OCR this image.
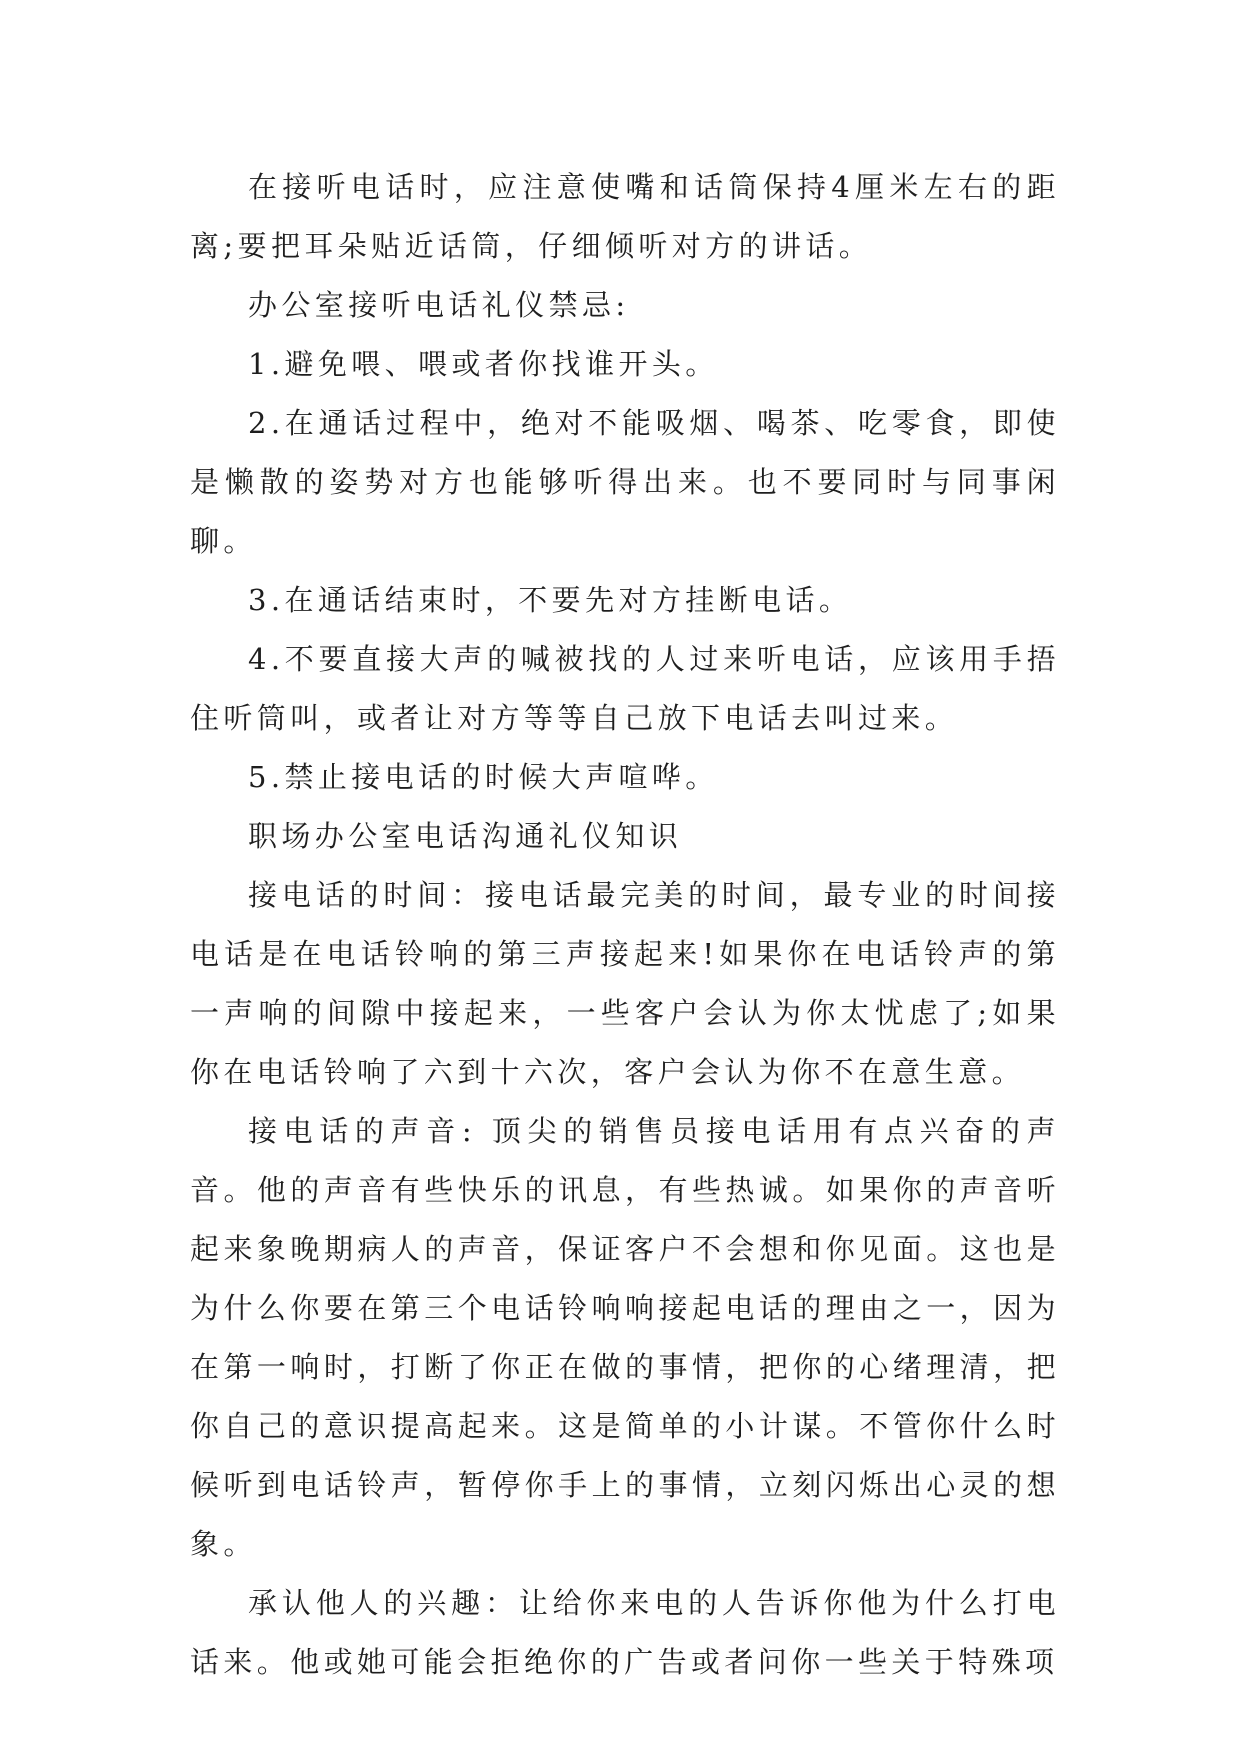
在接听电话时，应注意使嘴和话筒保持4厘米左右的距离;要把耳朵贴近话筒，仔细倾听对方的讲话。

办公室接听电话礼仪禁忌:

1.避免喂、喂或者你找谁开头。

2.在通话过程中，绝对不能吸烟、喝茶、吃零食，即使是懒散的姿势对方也能够听得出来。也不要同时与同事闲聊。

3.在通话结束时，不要先对方挂断电话。

4.不要直接大声的喊被找的人过来听电话，应该用手捂住听筒叫，或者让对方等等自己放下电话去叫过来。

5.禁止接电话的时候大声喧哗。

职场办公室电话沟通礼仪知识

接电话的时间：接电话最完美的时间，最专业的时间接电话是在电话铃响的第三声接起来!如果你在电话铃声的第一声响的间隙中接起来，一些客户会认为你太忧虑了;如果你在电话铃响了六到十六次，客户会认为你不在意生意。

接电话的声音: 顶尖的销售员接电话用有点兴奋的声音。他的声音有些快乐的讯息，有些热诚。如果你的声音听起来象晚期病人的声音，保证客户不会想和你见面。这也是为什么你要在第三个电话铃响响接起电话的理由之一，因为在第一响时，打断了你正在做的事情，把你的心绪理清，把你自己的意识提高起来。这是简单的小计谋。不管你什么时候听到电话铃声，暂停你手上的事情，立刻闪烁出心灵的想象。

承认他人的兴趣：让给你来电的人告诉你他为什么打电话来。他或她可能会拒绝你的广告或者问你一些关于特殊项
